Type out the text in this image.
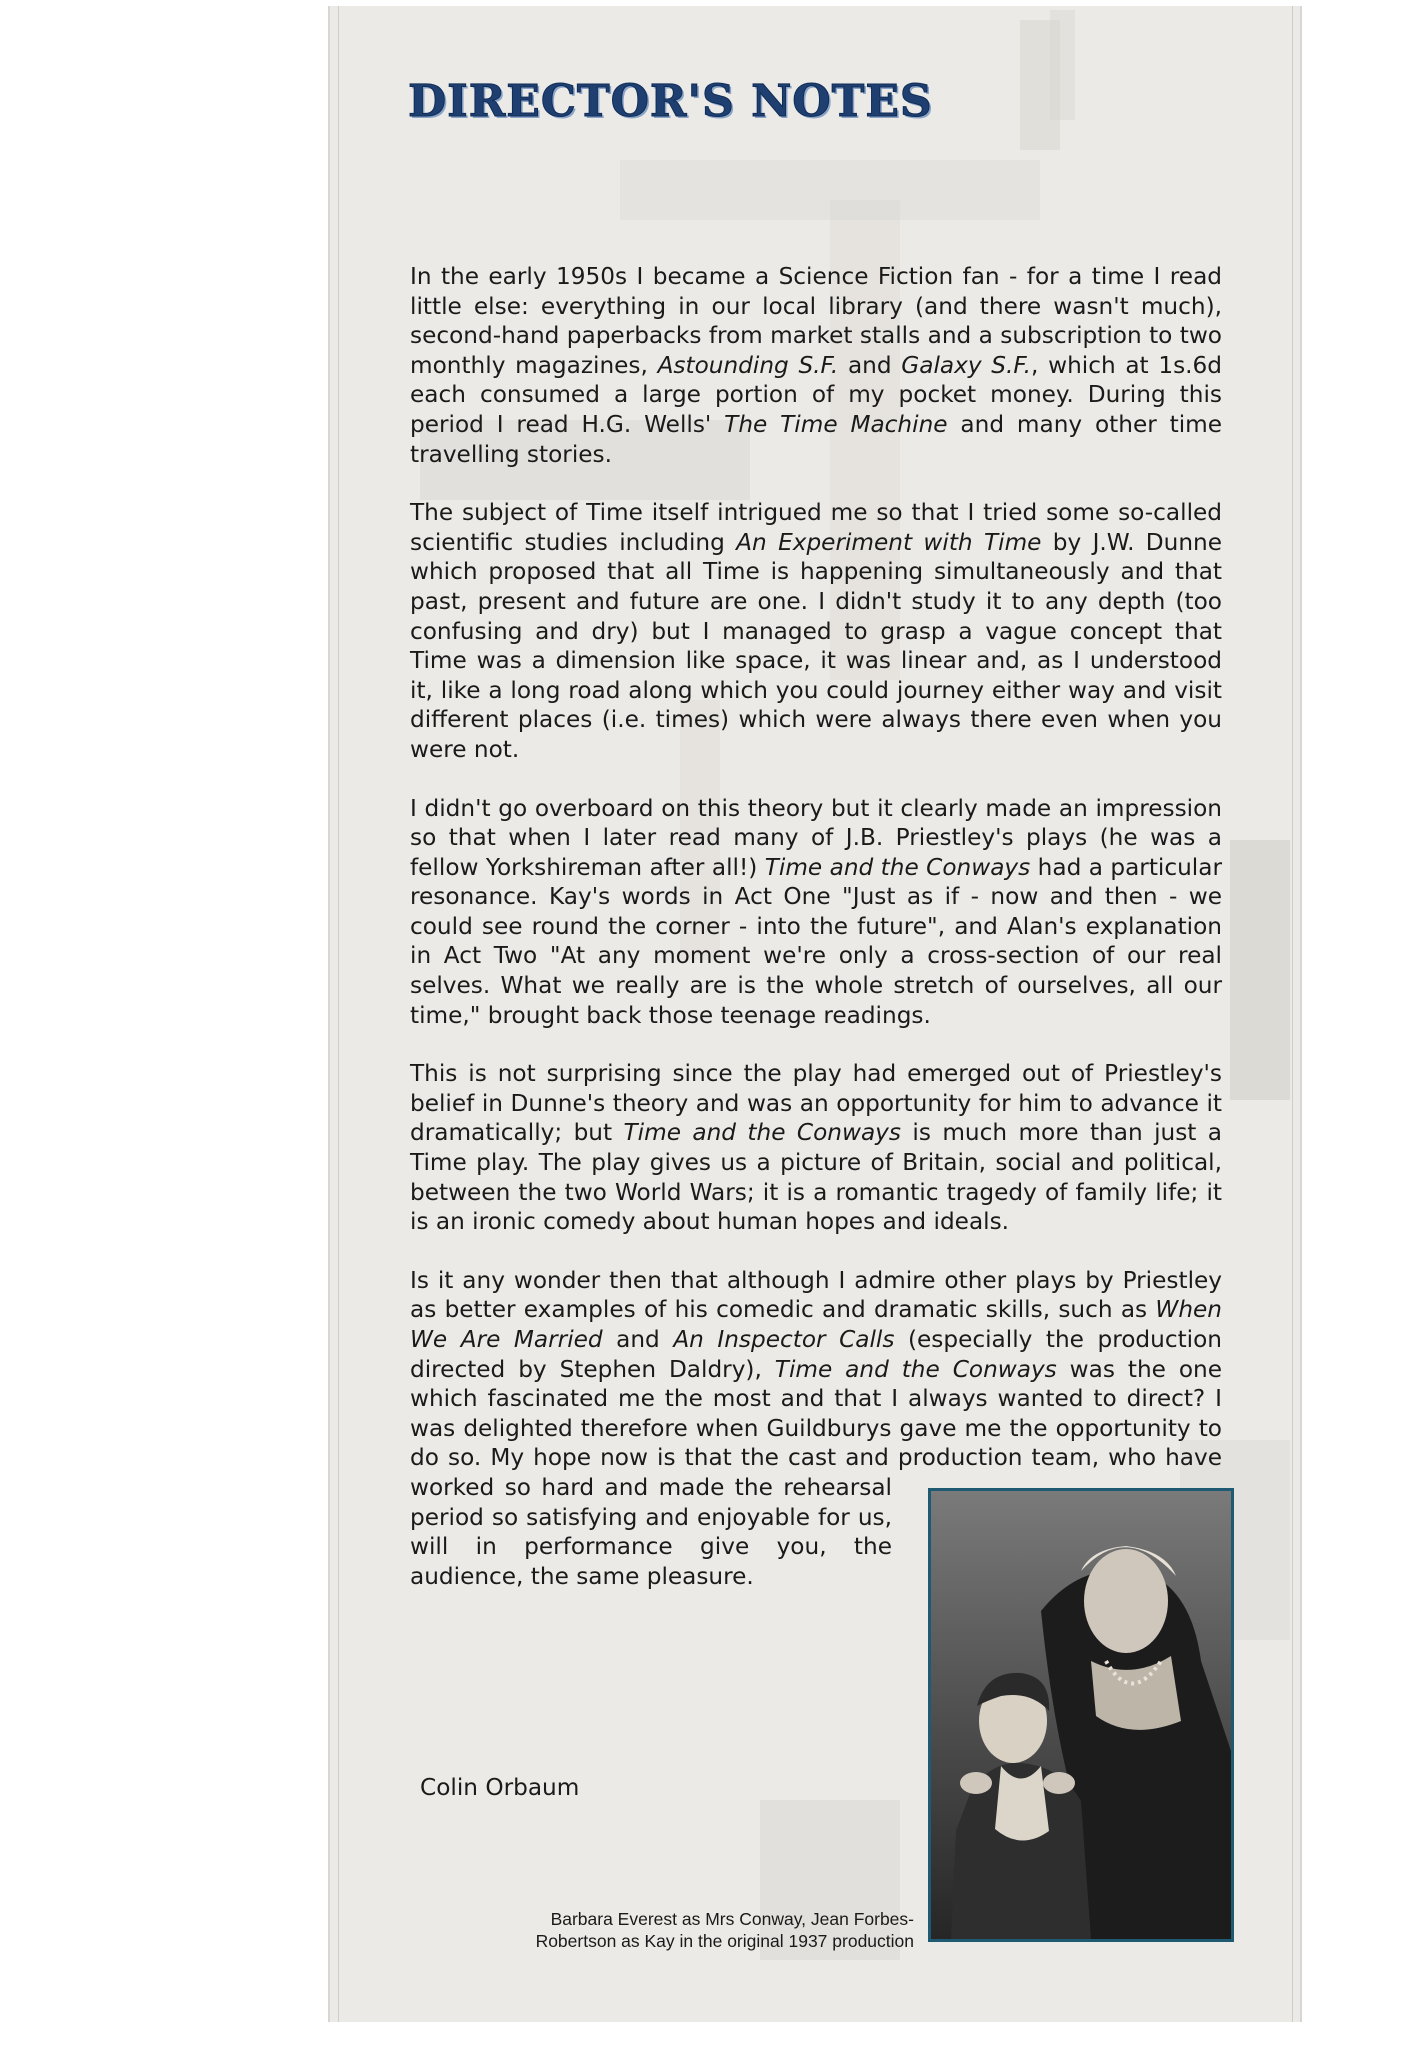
DIRECTOR'S NOTES

In the early 1950s I became a Science Fiction fan - for a time I read little else: everything in our local library (and there wasn't much), second-hand paperbacks from market stalls and a subscription to two monthly magazines, Astounding S.F. and Galaxy S.F., which at 1s.6d each consumed a large portion of my pocket money. During this period I read H.G. Wells' The Time Machine and many other time travelling stories.

The subject of Time itself intrigued me so that I tried some so-called scientific studies including An Experiment with Time by J.W. Dunne which proposed that all Time is happening simultaneously and that past, present and future are one. I didn't study it to any depth (too confusing and dry) but I managed to grasp a vague concept that Time was a dimension like space, it was linear and, as I understood it, like a long road along which you could journey either way and visit different places (i.e. times) which were always there even when you were not.

I didn't go overboard on this theory but it clearly made an impression so that when I later read many of J.B. Priestley's plays (he was a fellow Yorkshireman after all!) Time and the Conways had a particular resonance. Kay's words in Act One "Just as if - now and then - we could see round the corner - into the future", and Alan's explanation in Act Two "At any moment we're only a cross-section of our real selves. What we really are is the whole stretch of ourselves, all our time," brought back those teenage readings.

This is not surprising since the play had emerged out of Priestley's belief in Dunne's theory and was an opportunity for him to advance it dramatically; but Time and the Conways is much more than just a Time play. The play gives us a picture of Britain, social and political, between the two World Wars; it is a romantic tragedy of family life; it is an ironic comedy about human hopes and ideals.

Is it any wonder then that although I admire other plays by Priestley as better examples of his comedic and dramatic skills, such as When We Are Married and An Inspector Calls (especially the production directed by Stephen Daldry), Time and the Conways was the one which fascinated me the most and that I always wanted to direct? I was delighted therefore when Guildburys gave me the opportunity to do so. My hope now is that the cast and production team, who have worked so hard and made the rehearsal period so satisfying and enjoyable for us, will in performance give you, the audience, the same pleasure.

Colin Orbaum
Barbara Everest as Mrs Conway, Jean Forbes-Robertson as Kay in the original 1937 production
